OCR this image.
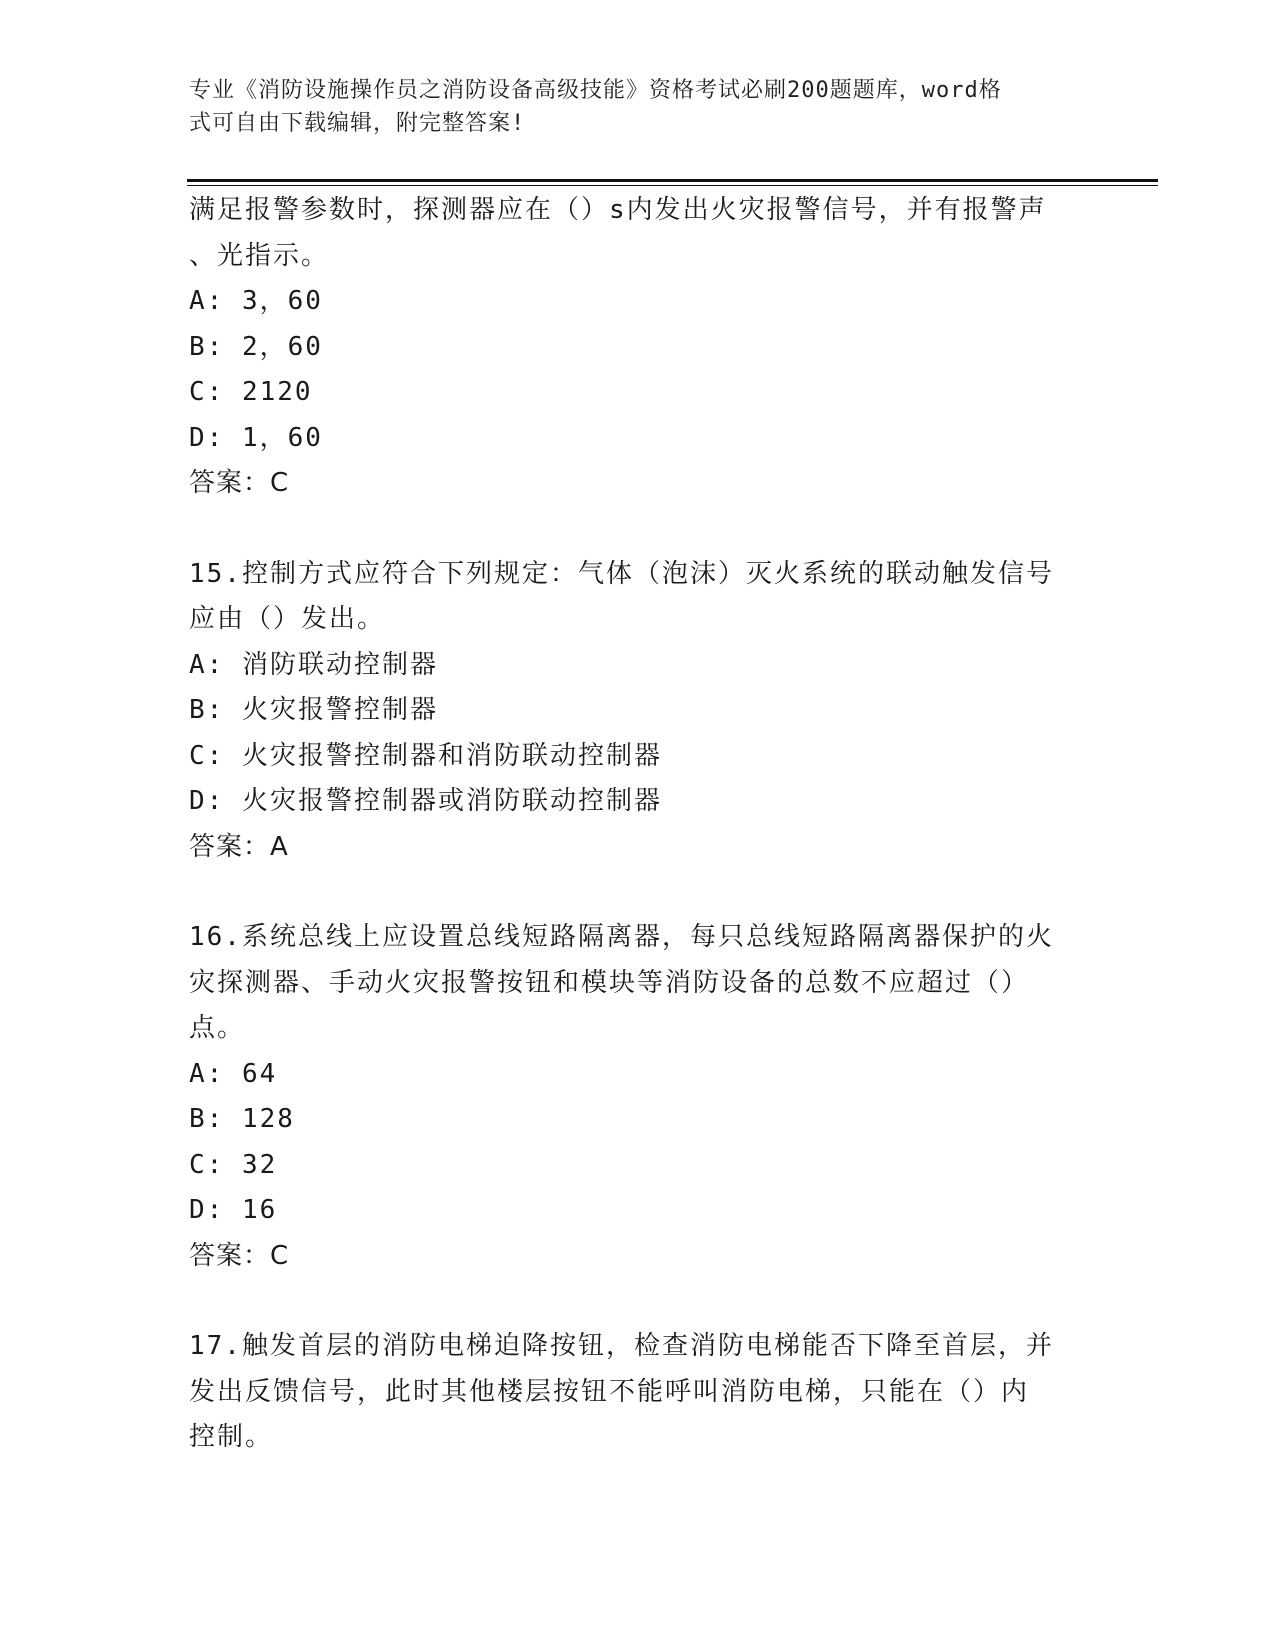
专业《消防设施操作员之消防设备高级技能》资格考试必刷200题题库，word格
式可自由下载编辑，附完整答案!

满足报警参数时，探测器应在（）s内发出火灾报警信号，并有报警声

、光指示。

A: 3，60

B: 2，60

C: 2120

D: 1，60

答案：C

15.控制方式应符合下列规定：气体（泡沫）灭火系统的联动触发信号

应由（）发出。

A: 消防联动控制器

B: 火灾报警控制器

C: 火灾报警控制器和消防联动控制器

D: 火灾报警控制器或消防联动控制器

答案：A

16.系统总线上应设置总线短路隔离器，每只总线短路隔离器保护的火

灾探测器、手动火灾报警按钮和模块等消防设备的总数不应超过（）

点。

A: 64

B: 128

C: 32

D: 16

答案：C

17.触发首层的消防电梯迫降按钮，检查消防电梯能否下降至首层，并

发出反馈信号，此时其他楼层按钮不能呼叫消防电梯，只能在（）内

控制。
